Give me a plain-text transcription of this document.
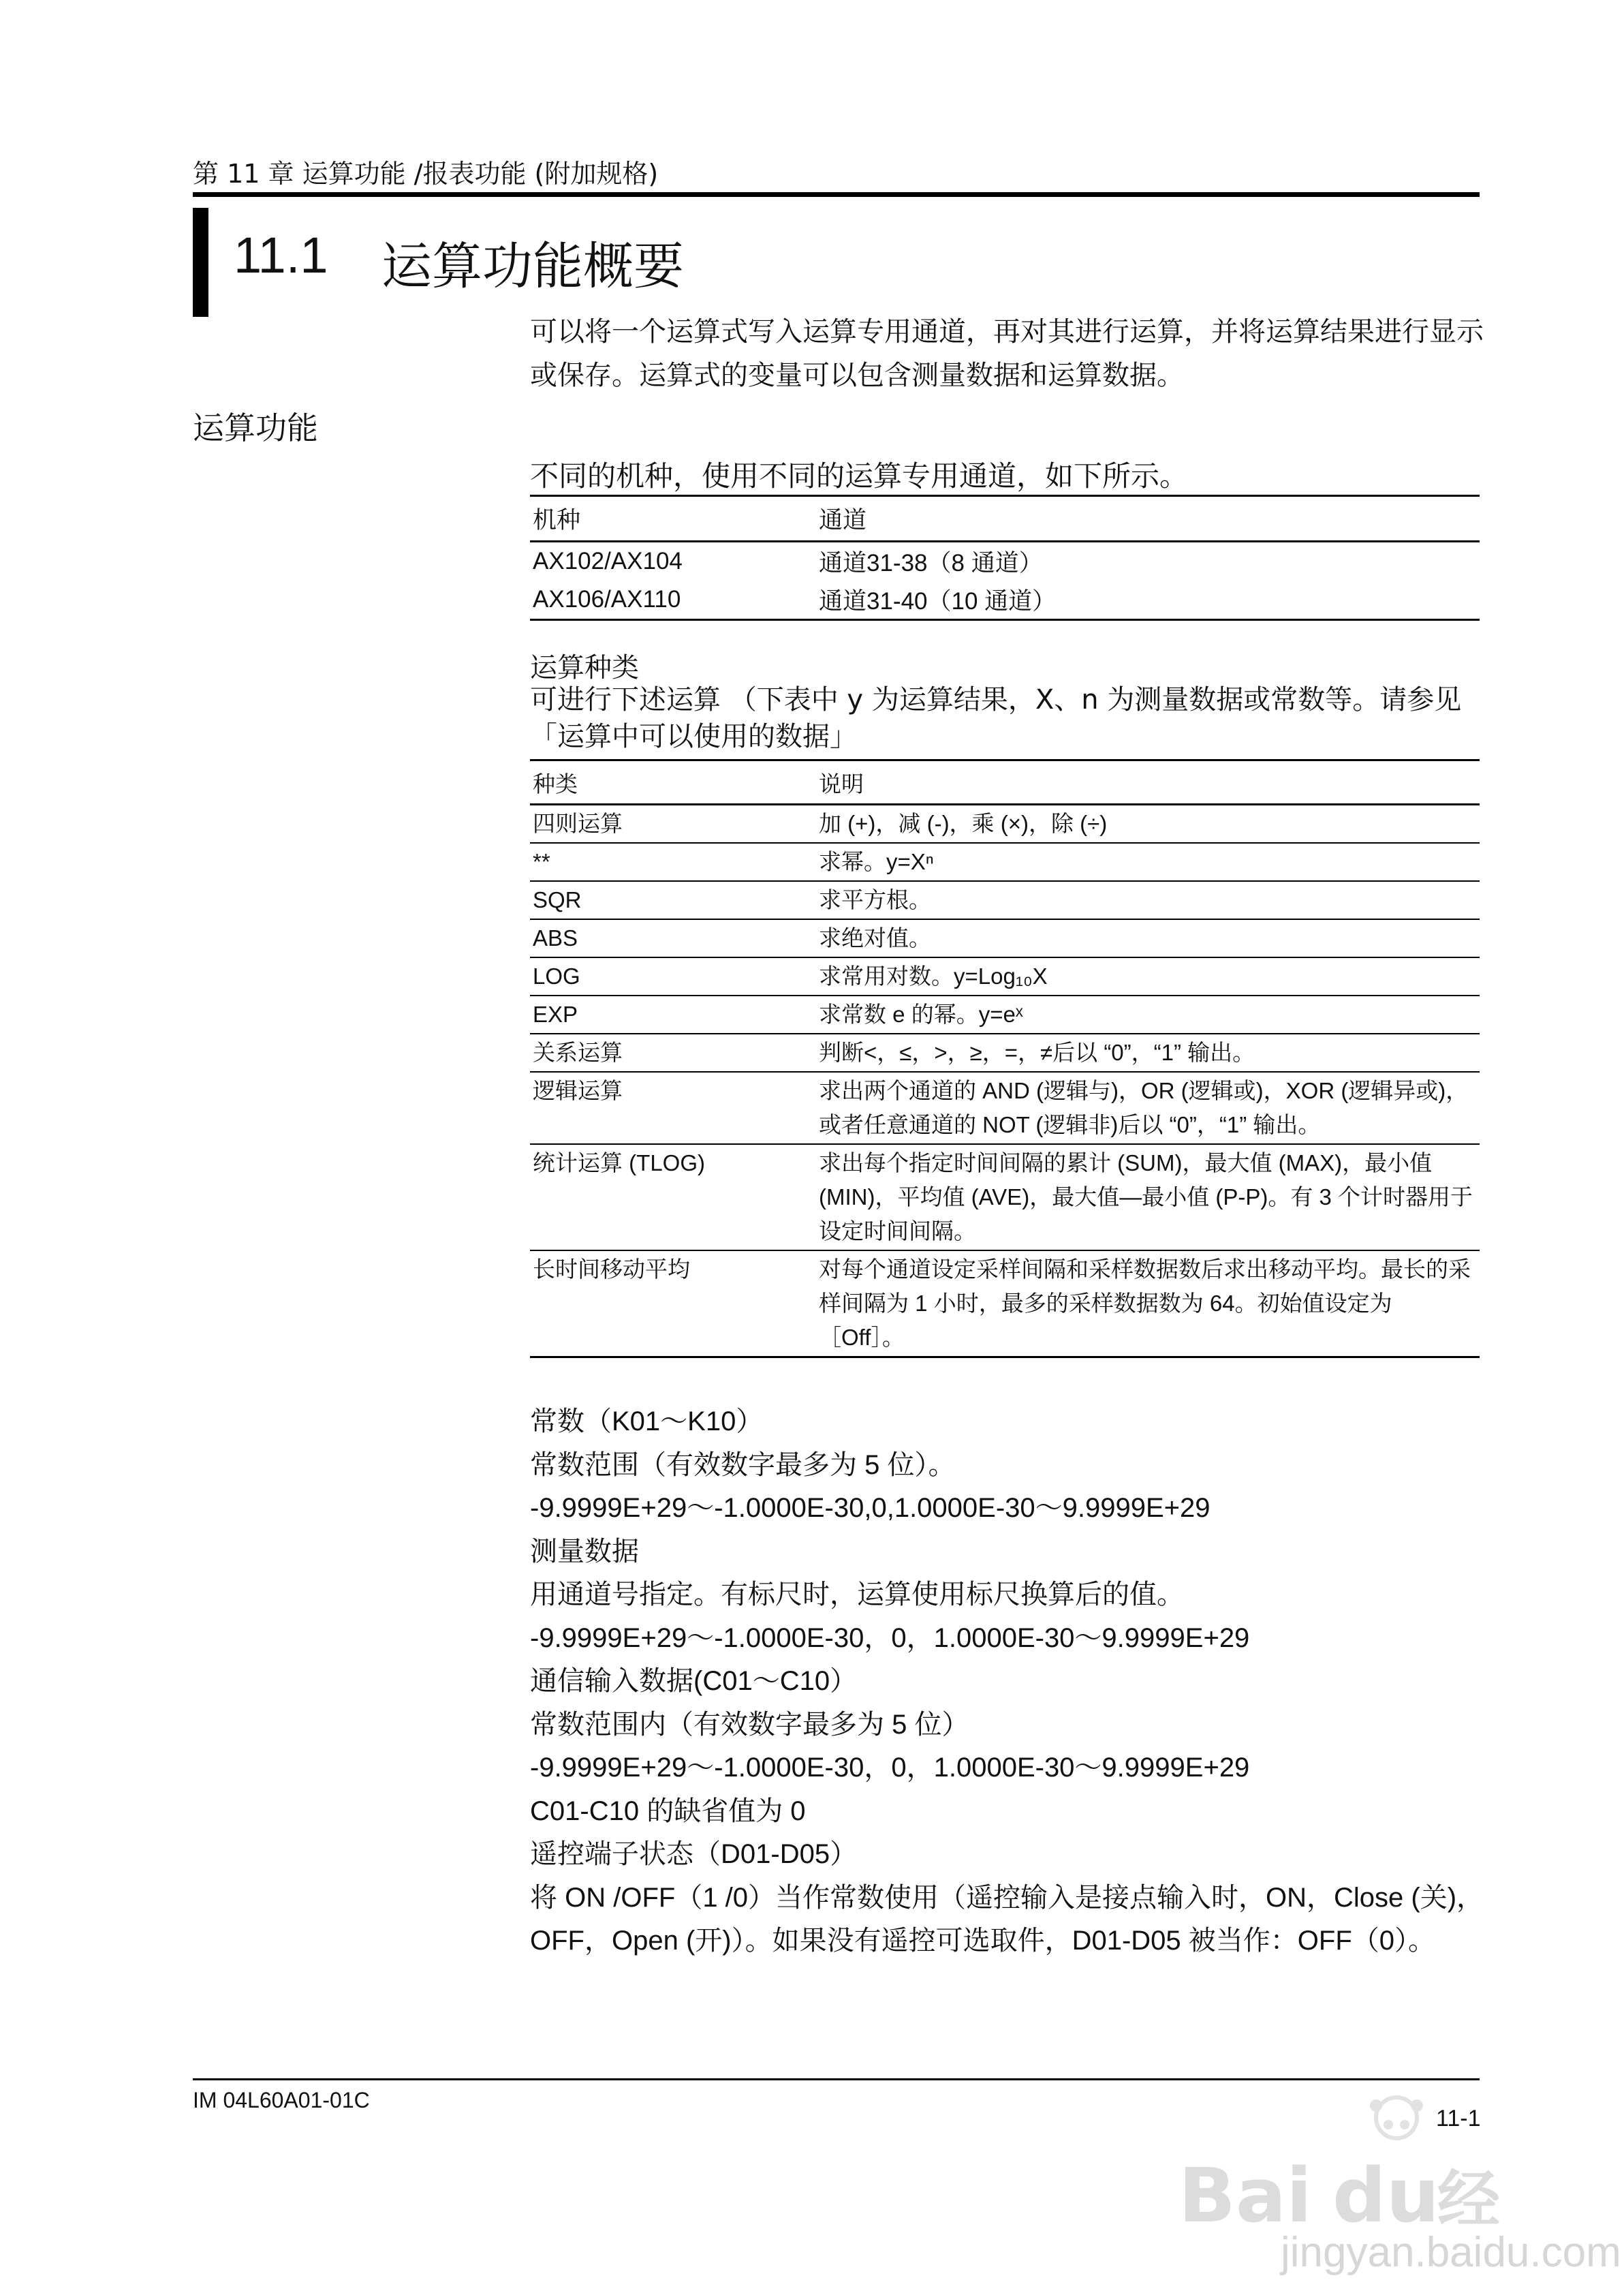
第 11 章 运算功能 /报表功能 (附加规格)
11.1 运算功能概要
可以将一个运算式写入运算专用通道，再对其进行运算，并将运算结果进行显示或保存。运算式的变量可以包含测量数据和运算数据。
运算功能
不同的机种，使用不同的运算专用通道，如下所示。
机种	通道
AX102/AX104	通道31-38（8 通道）
AX106/AX110	通道31-40（10 通道）
运算种类
可进行下述运算 （下表中 y 为运算结果，X、n 为测量数据或常数等。请参见「运算中可以使用的数据」
种类	说明
四则运算	加 (+)，减 (-)，乘 (×)，除 (÷)
**	求幂。y=Xⁿ
SQR	求平方根。
ABS	求绝对值。
LOG	求常用对数。y=Log₁₀X
EXP	求常数 e 的幂。y=eˣ
关系运算	判断<，≤，>，≥，=，≠后以 “0”，“1” 输出。
逻辑运算	求出两个通道的 AND (逻辑与)，OR (逻辑或)，XOR (逻辑异或)，或者任意通道的 NOT (逻辑非)后以 “0”，“1” 输出。
统计运算 (TLOG)	求出每个指定时间间隔的累计 (SUM)，最大值 (MAX)，最小值 (MIN)，平均值 (AVE)，最大值—最小值 (P-P)。有 3 个计时器用于设定时间间隔。
长时间移动平均	对每个通道设定采样间隔和采样数据数后求出移动平均。最长的采样间隔为 1 小时，最多的采样数据数为 64。初始值设定为［Off］。
常数（K01～K10）
常数范围（有效数字最多为 5 位）。
-9.9999E+29～-1.0000E-30,0,1.0000E-30～9.9999E+29
测量数据
用通道号指定。有标尺时，运算使用标尺换算后的值。
-9.9999E+29～-1.0000E-30，0，1.0000E-30～9.9999E+29
通信输入数据(C01～C10）
常数范围内（有效数字最多为 5 位）
-9.9999E+29～-1.0000E-30，0，1.0000E-30～9.9999E+29
C01-C10 的缺省值为 0
遥控端子状态（D01-D05）
将 ON /OFF（1 /0）当作常数使用（遥控输入是接点输入时，ON，Close (关)，
OFF，Open (开)）。如果没有遥控可选取件，D01-D05 被当作：OFF（0）。
IM 04L60A01-01C
Bai du
经
jingyan.baidu.com
11-1
